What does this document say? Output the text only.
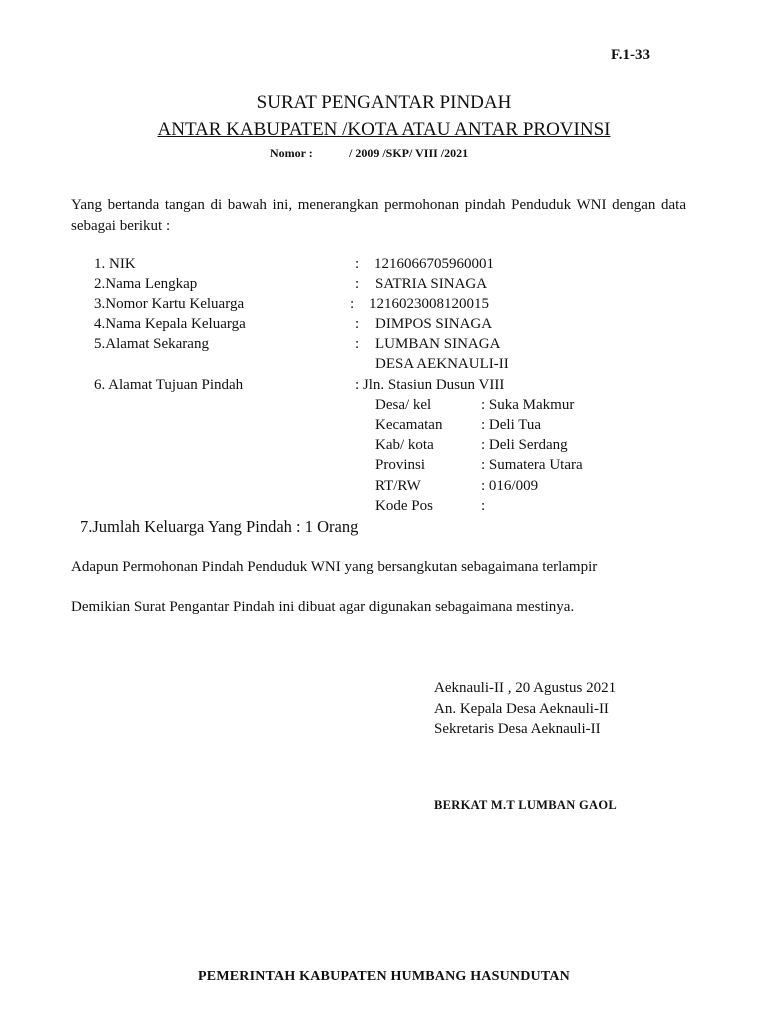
F.1-33
SURAT PENGANTAR PINDAH
ANTAR KABUPATEN /KOTA ATAU ANTAR PROVINSI
Nomor :	/ 2009 /SKP/ VIII /2021
Yang bertanda tangan di bawah ini, menerangkan permohonan pindah Penduduk WNI dengan data sebagai berikut :
1. NIK	: 1216066705960001
2.Nama Lengkap	: SATRIA SINAGA
3.Nomor Kartu Keluarga	: 1216023008120015
4.Nama Kepala Keluarga	: DIMPOS SINAGA
5.Alamat Sekarang	: LUMBAN SINAGA
DESA AEKNAULI-II
6. Alamat Tujuan Pindah	: Jln. Stasiun Dusun VIII
Desa/ kel	: Suka Makmur
Kecamatan	: Deli Tua
Kab/ kota	: Deli Serdang
Provinsi	: Sumatera Utara
RT/RW	: 016/009
Kode Pos	:
7.Jumlah Keluarga Yang Pindah : 1 Orang
Adapun Permohonan Pindah Penduduk WNI yang bersangkutan sebagaimana terlampir
Demikian Surat Pengantar Pindah ini dibuat agar digunakan sebagaimana mestinya.
Aeknauli-II , 20 Agustus 2021
An. Kepala Desa Aeknauli-II
Sekretaris Desa Aeknauli-II
BERKAT M.T LUMBAN GAOL
PEMERINTAH KABUPATEN HUMBANG HASUNDUTAN
